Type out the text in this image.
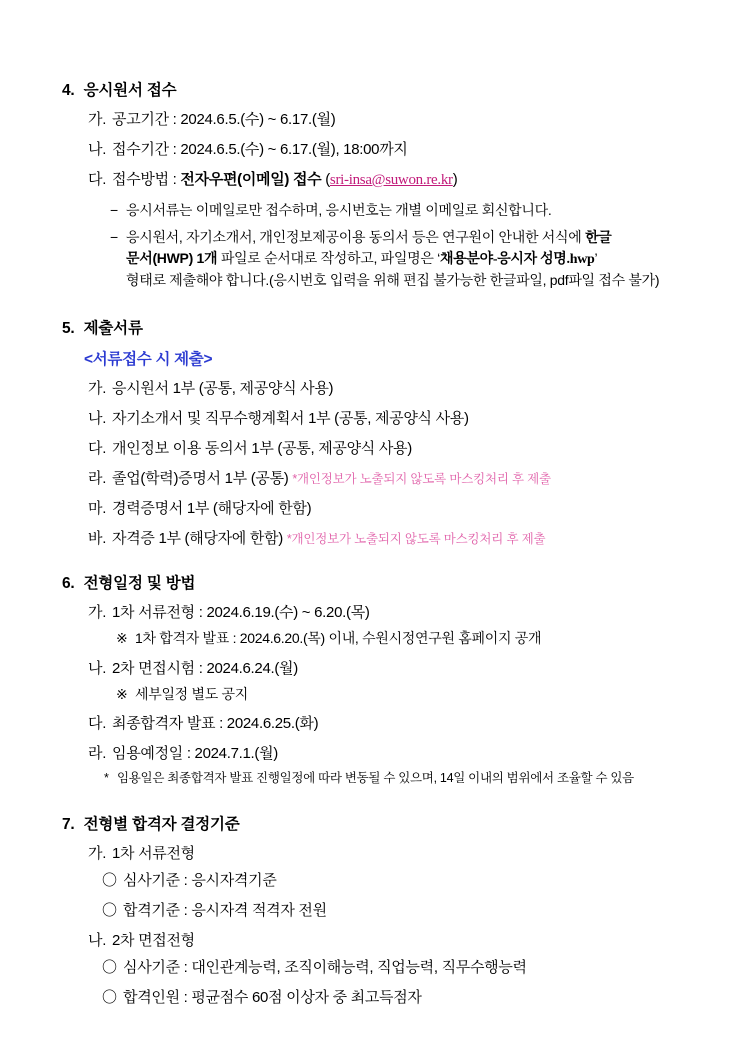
4. 응시원서 접수
가. 공고기간 : 2024.6.5.(수) ~ 6.17.(월)
나. 접수기간 : 2024.6.5.(수) ~ 6.17.(월), 18:00까지
다. 접수방법 : 전자우편(이메일) 접수 (sri-insa@suwon.re.kr)
− 응시서류는 이메일로만 접수하며, 응시번호는 개별 이메일로 회신합니다.
− 응시원서, 자기소개서, 개인정보제공이용 동의서 등은 연구원이 안내한 서식에 한글
문서(HWP) 1개 파일로 순서대로 작성하고, 파일명은 ‘채용분야-응시자 성명.hwp’
형태로 제출해야 합니다.(응시번호 입력을 위해 편집 불가능한 한글파일, pdf파일 접수 불가)
5. 제출서류
<서류접수 시 제출>
가. 응시원서 1부 (공통, 제공양식 사용)
나. 자기소개서 및 직무수행계획서 1부 (공통, 제공양식 사용)
다. 개인정보 이용 동의서 1부 (공통, 제공양식 사용)
라. 졸업(학력)증명서 1부 (공통) *개인정보가 노출되지 않도록 마스킹처리 후 제출
마. 경력증명서 1부 (해당자에 한함)
바. 자격증 1부 (해당자에 한함) *개인정보가 노출되지 않도록 마스킹처리 후 제출
6. 전형일정 및 방법
가. 1차 서류전형 : 2024.6.19.(수) ~ 6.20.(목)
※ 1차 합격자 발표 : 2024.6.20.(목) 이내, 수원시정연구원 홈페이지 공개
나. 2차 면접시험 : 2024.6.24.(월)
※ 세부일정 별도 공지
다. 최종합격자 발표 : 2024.6.25.(화)
라. 임용예정일 : 2024.7.1.(월)
* 임용일은 최종합격자 발표 진행일정에 따라 변동될 수 있으며, 14일 이내의 범위에서 조율할 수 있음
7. 전형별 합격자 결정기준
가. 1차 서류전형
〇 심사기준 : 응시자격기준
〇 합격기준 : 응시자격 적격자 전원
나. 2차 면접전형
〇 심사기준 : 대인관계능력, 조직이해능력, 직업능력, 직무수행능력
〇 합격인원 : 평균점수 60점 이상자 중 최고득점자
